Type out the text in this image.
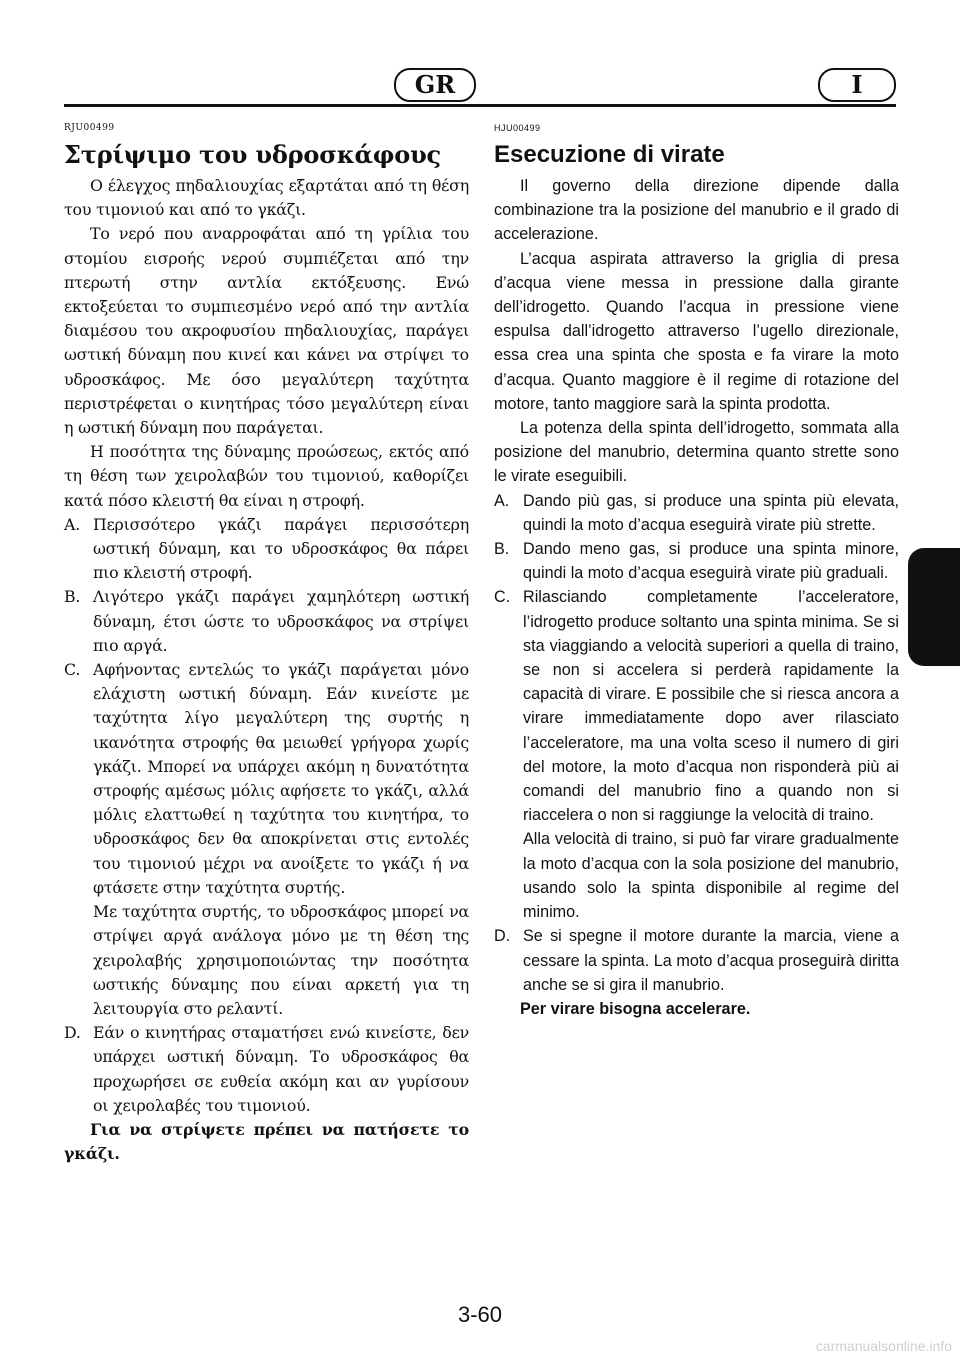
GR	I
RJU00499
Στρίψιμο του υδροσκάφους

Ο έλεγχος πηδαλιουχίας εξαρτάται από τη θέση του τιμονιού και από το γκάζι.

Το νερό που αναρροφάται από τη γρίλια του στομίου εισροής νερού συμπιέζεται από την πτερωτή στην αντλία εκτόξευσης. Ενώ εκτοξεύεται το συμπιεσμένο νερό από την αντλία διαμέσου του ακροφυσίου πηδαλιουχίας, παράγει ωστική δύναμη που κινεί και κάνει να στρίψει το υδροσκάφος. Με όσο μεγαλύτερη ταχύτητα περιστρέφεται ο κινητήρας τόσο μεγαλύτερη είναι η ωστική δύναμη που παράγεται.

Η ποσότητα της δύναμης προώσεως, εκτός από τη θέση των χειρολαβών του τιμονιού, καθορίζει κατά πόσο κλειστή θα είναι η στροφή.

A. Περισσότερο γκάζι παράγει περισσότερη ωστική δύναμη, και το υδροσκάφος θα πάρει πιο κλειστή στροφή.
B. Λιγότερο γκάζι παράγει χαμηλότερη ωστική δύναμη, έτσι ώστε το υδροσκάφος να στρίψει πιο αργά.
C. Αφήνοντας εντελώς το γκάζι παράγεται μόνο ελάχιστη ωστική δύναμη. Εάν κινείστε με ταχύτητα λίγο μεγαλύτερη της συρτής η ικανότητα στροφής θα μειωθεί γρήγορα χωρίς γκάζι. Μπορεί να υπάρχει ακόμη η δυνατότητα στροφής αμέσως μόλις αφήσετε το γκάζι, αλλά μόλις ελαττωθεί η ταχύτητα του κινητήρα, το υδροσκάφος δεν θα αποκρίνεται στις εντολές του τιμονιού μέχρι να ανοίξετε το γκάζι ή να φτάσετε στην ταχύτητα συρτής.

Με ταχύτητα συρτής, το υδροσκάφος μπορεί να στρίψει αργά ανάλογα μόνο με τη θέση της χειρολαβής χρησιμοποιώντας την ποσότητα ωστικής δύναμης που είναι αρκετή για τη λειτουργία στο ρελαντί.

D. Εάν ο κινητήρας σταματήσει ενώ κινείστε, δεν υπάρχει ωστική δύναμη. Το υδροσκάφος θα προχωρήσει σε ευθεία ακόμη και αν γυρίσουν οι χειρολαβές του τιμονιού.

Για να στρίψετε πρέπει να πατήσετε το γκάζι.

HJU00499
Esecuzione di virate

Il governo della direzione dipende dalla combinazione tra la posizione del manubrio e il grado di accelerazione.

L’acqua aspirata attraverso la griglia di presa d’acqua viene messa in pressione dalla girante dell’idrogetto. Quando l’acqua in pressione viene espulsa dall’idrogetto attraverso l’ugello direzionale, essa crea una spinta che sposta e fa virare la moto d’acqua. Quanto maggiore è il regime di rotazione del motore, tanto maggiore sarà la spinta prodotta.

La potenza della spinta dell’idrogetto, sommata alla posizione del manubrio, determina quanto strette sono le virate eseguibili.

A. Dando più gas, si produce una spinta più elevata, quindi la moto d’acqua eseguirà virate più strette.
B. Dando meno gas, si produce una spinta minore, quindi la moto d’acqua eseguirà virate più graduali.
C. Rilasciando completamente l’acceleratore, l’idrogetto produce soltanto una spinta minima. Se si sta viaggiando a velocità superiori a quella di traino, se non si accelera si perderà rapidamente la capacità di virare. E possibile che si riesca ancora a virare immediatamente dopo aver rilasciato l’acceleratore, ma una volta sceso il numero di giri del motore, la moto d’acqua non risponderà più ai comandi del manubrio fino a quando non si riaccelera o non si raggiunge la velocità di traino.

Alla velocità di traino, si può far virare gradualmente la moto d’acqua con la sola posizione del manubrio, usando solo la spinta disponibile al regime del minimo.

D. Se si spegne il motore durante la marcia, viene a cessare la spinta. La moto d’acqua proseguirà diritta anche se si gira il manubrio.

Per virare bisogna accelerare.

3-60
carmanualsonline.info
